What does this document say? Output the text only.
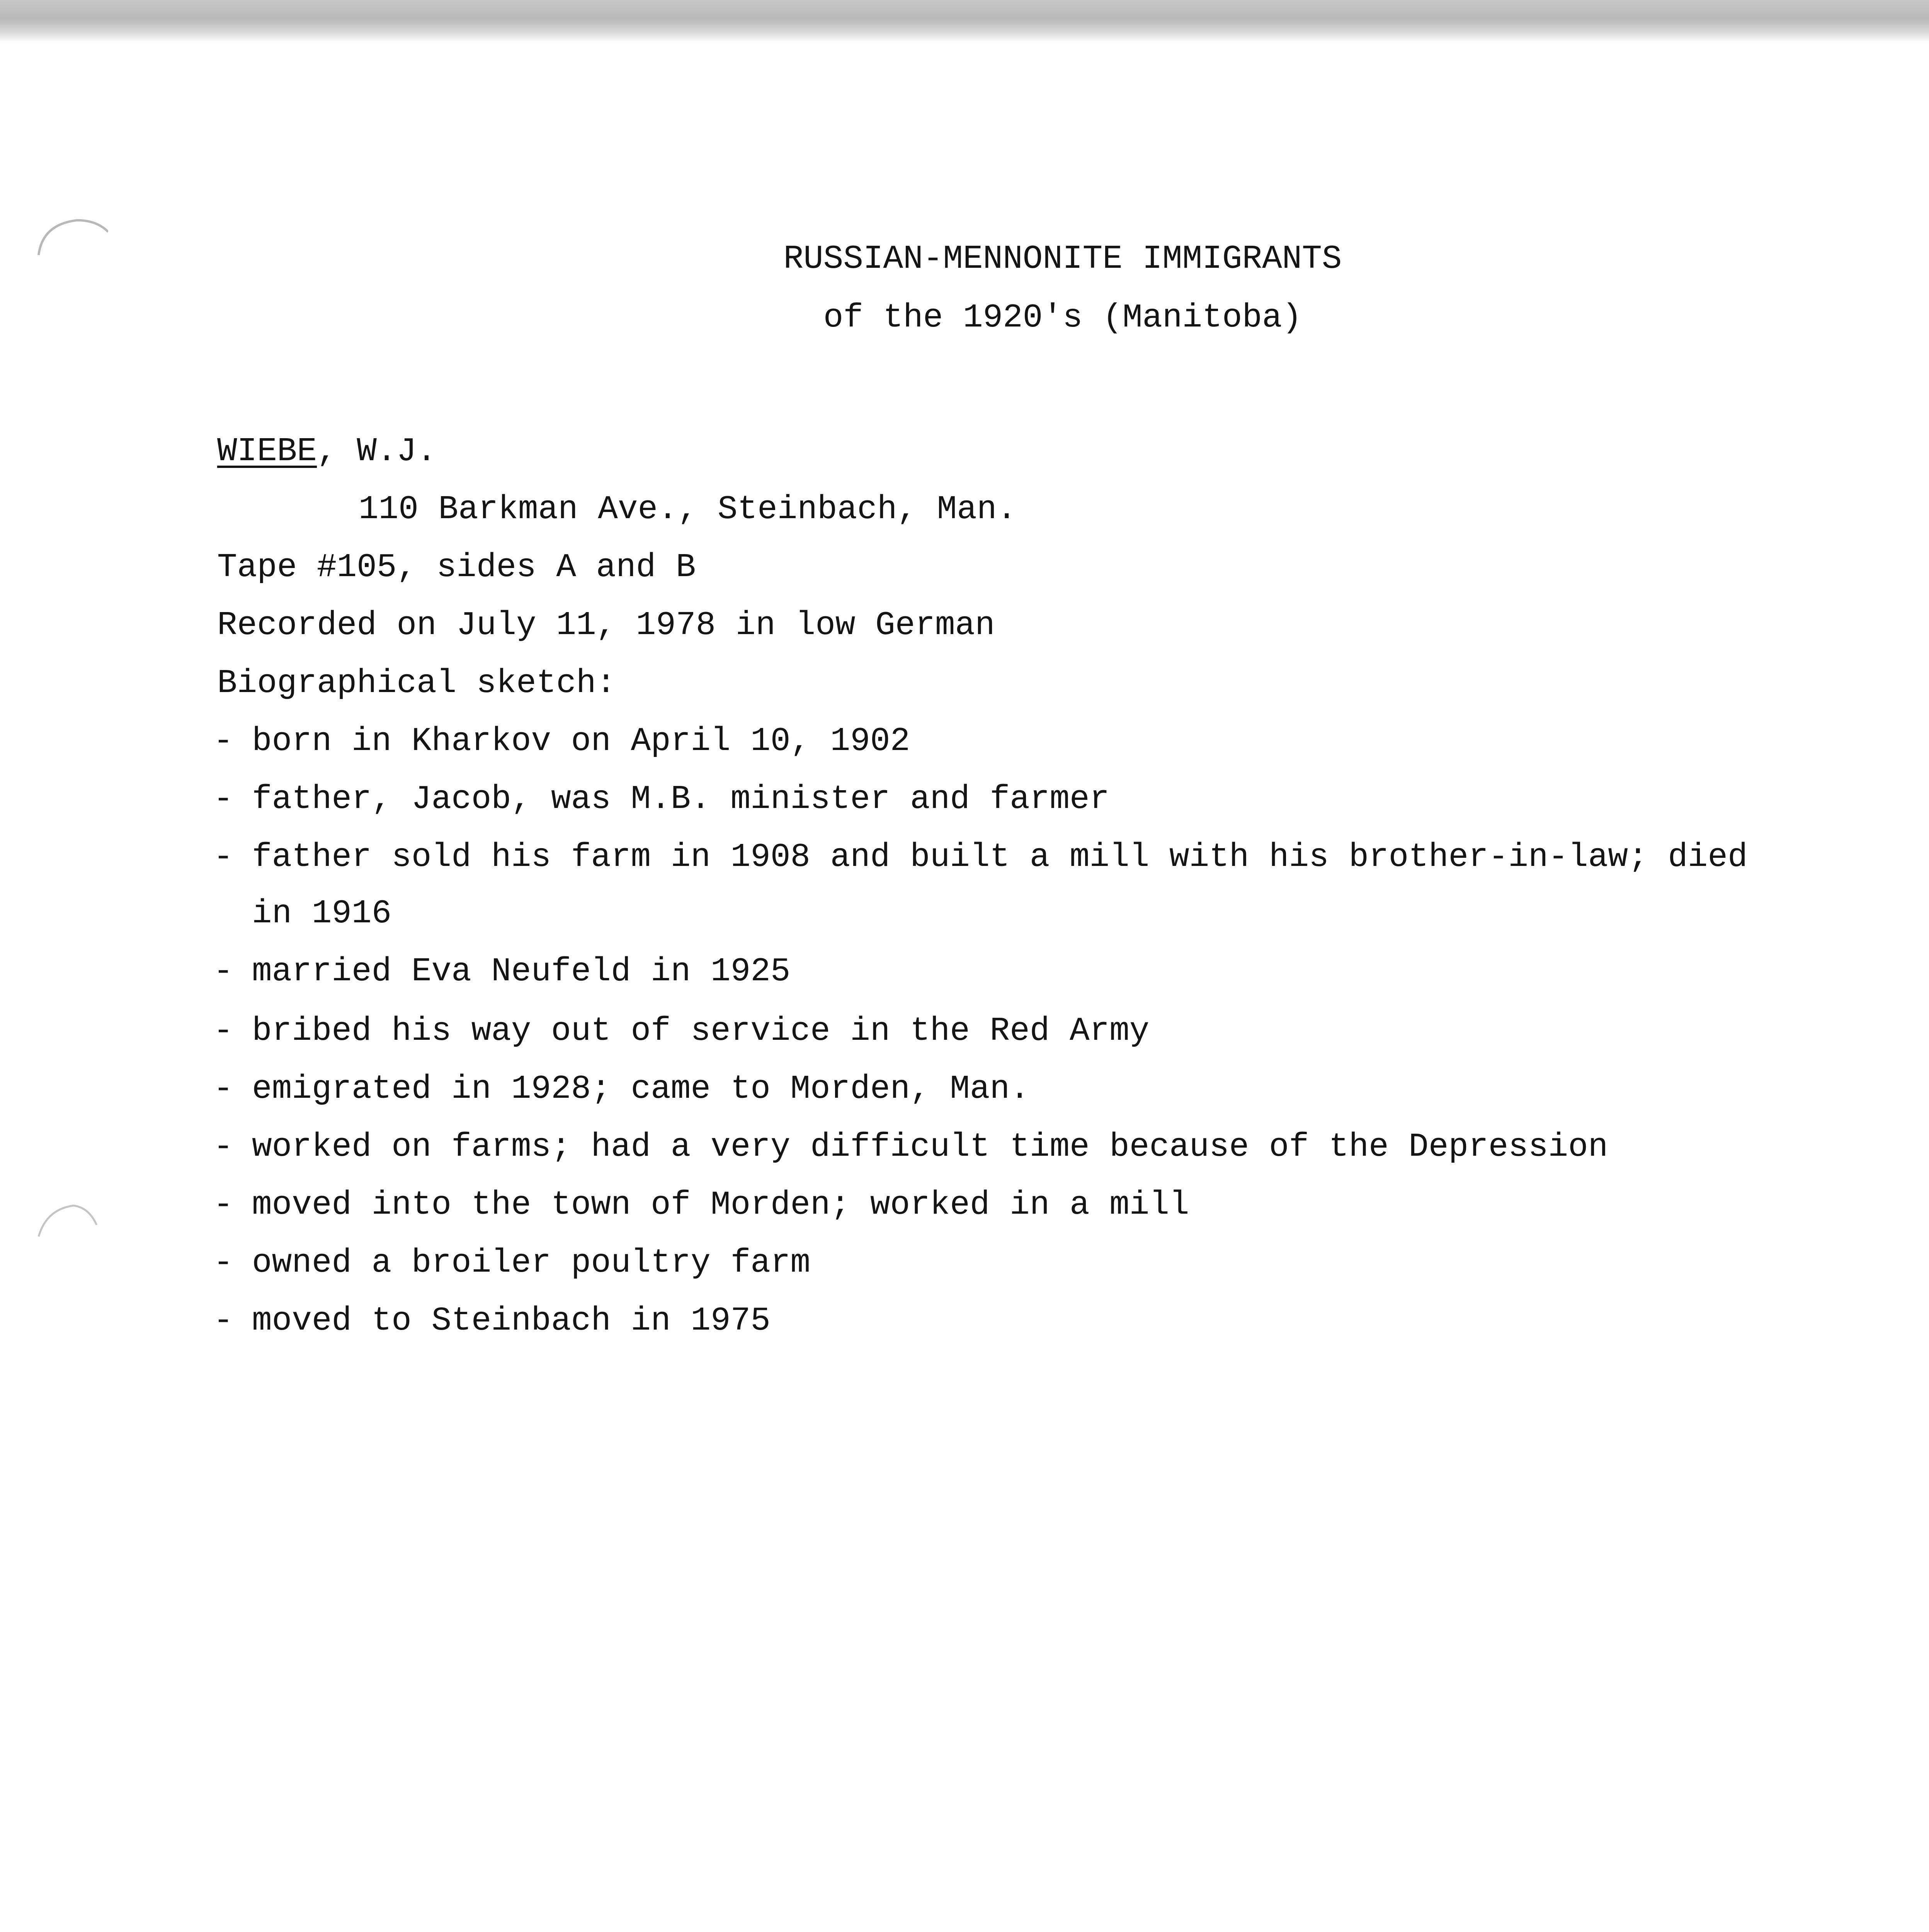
RUSSIAN-MENNONITE IMMIGRANTS
of the 1920's (Manitoba)
WIEBE, W.J.
110 Barkman Ave., Steinbach, Man.
Tape #105, sides A and B
Recorded on July 11, 1978 in low German
Biographical sketch:
- born in Kharkov on April 10, 1902
- father, Jacob, was M.B. minister and farmer
- father sold his farm in 1908 and built a mill with his brother-in-law; died
in 1916
- married Eva Neufeld in 1925
- bribed his way out of service in the Red Army
- emigrated in 1928; came to Morden, Man.
- worked on farms; had a very difficult time because of the Depression
- moved into the town of Morden; worked in a mill
- owned a broiler poultry farm
- moved to Steinbach in 1975
